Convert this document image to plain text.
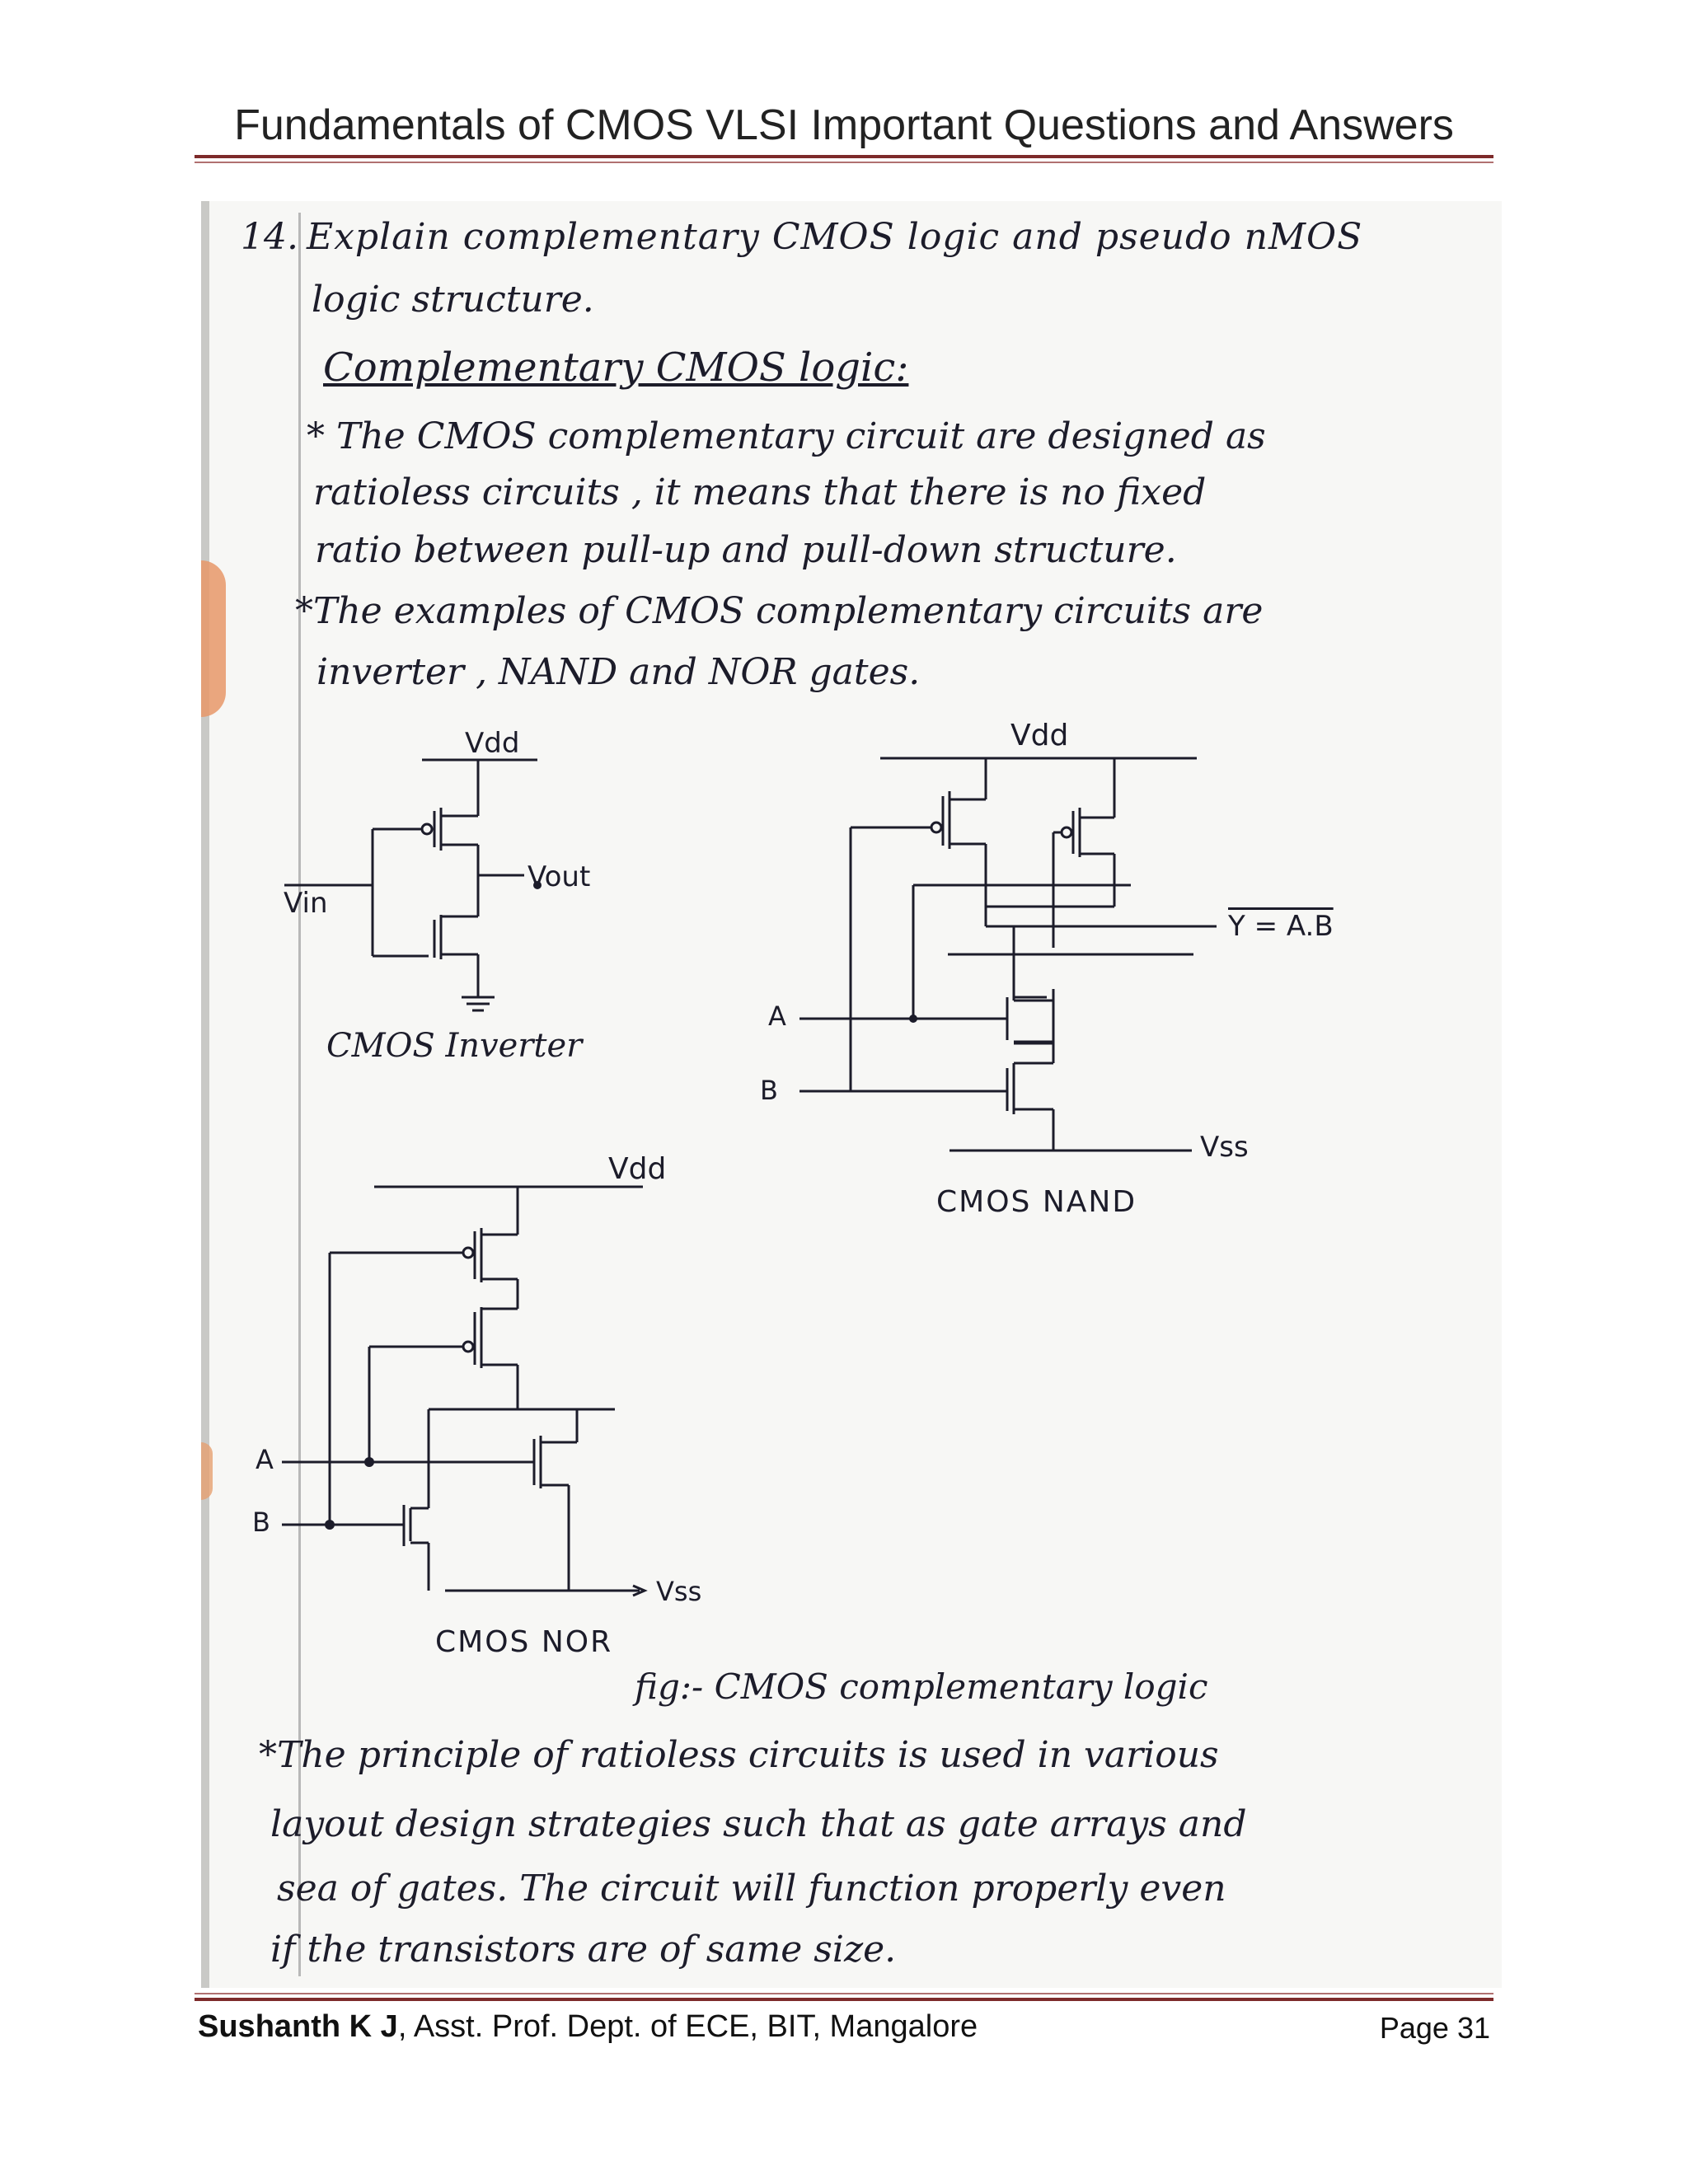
Fundamentals of CMOS VLSI Important Questions and Answers
14. Explain complementary CMOS logic and pseudo nMOS
logic structure.
Complementary CMOS logic:
* The CMOS complementary circuit are designed as
ratioless circuits , it means that there is no fixed
ratio between pull-up and pull-down structure.
*The examples of CMOS complementary circuits are
inverter , NAND and NOR gates.
Vdd
Vin
Vout
CMOS Inverter
Vdd
Y = A.B
A
B
Vss
CMOS NAND
Vdd
A
B
Vss
CMOS NOR
fig:- CMOS complementary logic
*The principle of ratioless circuits is used in various
layout design strategies such that as gate arrays and
sea of gates. The circuit will function properly even
if the transistors are of same size.
Sushanth K J, Asst. Prof. Dept. of ECE, BIT, Mangalore	Page 31
